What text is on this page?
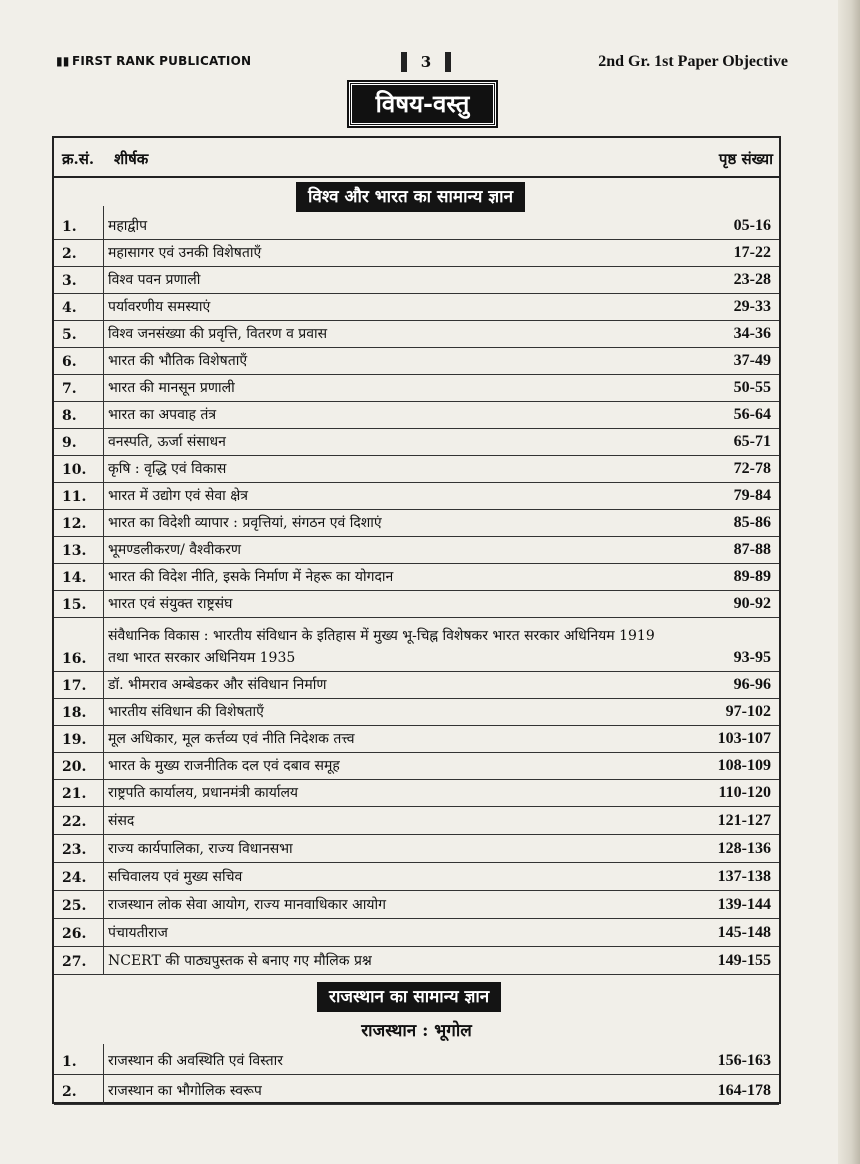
▮▮ FIRST RANK PUBLICATION	3	2nd Gr. 1st Paper Objective
विषय-वस्तु
क्र.सं. शीर्षक	पृष्ठ संख्या
विश्व और भारत का सामान्य ज्ञान
1. महाद्वीप	05-16
2. महासागर एवं उनकी विशेषताएँ	17-22
3. विश्व पवन प्रणाली	23-28
4. पर्यावरणीय समस्याएं	29-33
5. विश्व जनसंख्या की प्रवृत्ति, वितरण व प्रवास	34-36
6. भारत की भौतिक विशेषताएँ	37-49
7. भारत की मानसून प्रणाली	50-55
8. भारत का अपवाह तंत्र	56-64
9. वनस्पति, ऊर्जा संसाधन	65-71
10. कृषि : वृद्धि एवं विकास	72-78
11. भारत में उद्योग एवं सेवा क्षेत्र	79-84
12. भारत का विदेशी व्यापार : प्रवृत्तियां, संगठन एवं दिशाएं	85-86
13. भूमण्डलीकरण/ वैश्वीकरण	87-88
14. भारत की विदेश नीति, इसके निर्माण में नेहरू का योगदान	89-89
15. भारत एवं संयुक्त राष्ट्रसंघ	90-92
16.
संवैधानिक विकास : भारतीय संविधान के इतिहास में मुख्य भू-चिह्न विशेषकर भारत सरकार अधिनियम 1919 तथा भारत सरकार अधिनियम 1935	93-95
17. डॉ. भीमराव अम्बेडकर और संविधान निर्माण	96-96
18. भारतीय संविधान की विशेषताएँ	97-102
19. मूल अधिकार, मूल कर्त्तव्य एवं नीति निदेशक तत्त्व	103-107
20. भारत के मुख्य राजनीतिक दल एवं दबाव समूह	108-109
21. राष्ट्रपति कार्यालय, प्रधानमंत्री कार्यालय	110-120
22. संसद	121-127
23. राज्य कार्यपालिका, राज्य विधानसभा	128-136
24. सचिवालय एवं मुख्य सचिव	137-138
25. राजस्थान लोक सेवा आयोग, राज्य मानवाधिकार आयोग	139-144
26. पंचायतीराज	145-148
27. NCERT की पाठ्यपुस्तक से बनाए गए मौलिक प्रश्न	149-155
राजस्थान का सामान्य ज्ञान
राजस्थान : भूगोल
1. राजस्थान की अवस्थिति एवं विस्तार	156-163
2. राजस्थान का भौगोलिक स्वरूप	164-178
